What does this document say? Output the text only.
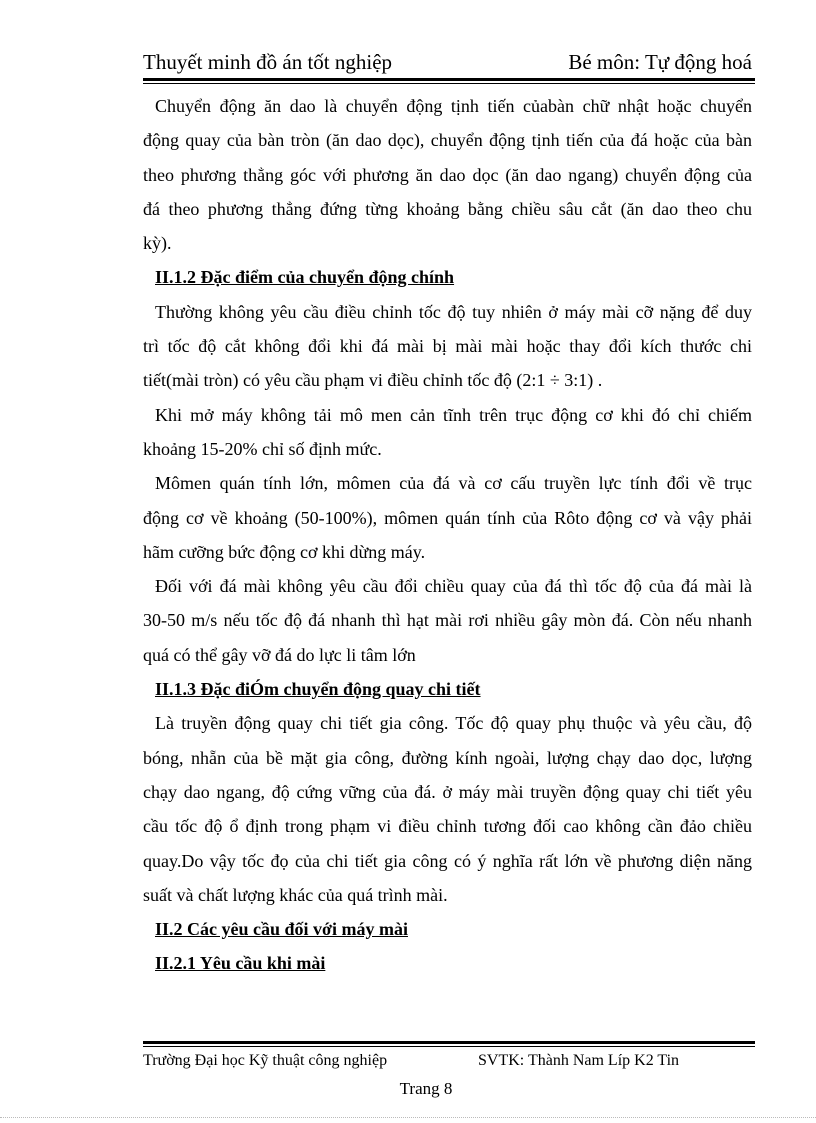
Thuyết minh đồ án tốt nghiệp	Bé môn: Tự động hoá
Chuyển động ăn dao là chuyển động tịnh tiến củabàn chữ nhật hoặc chuyển
động quay của bàn tròn (ăn dao dọc), chuyển động tịnh tiến của đá hoặc của bàn
theo phương thẳng góc với phương ăn dao dọc (ăn dao ngang) chuyển động của
đá theo phương thẳng đứng từng khoảng bằng chiều sâu cắt (ăn dao theo chu
kỳ).
II.1.2 Đặc điểm của chuyển động chính
Thường không yêu cầu điều chỉnh tốc độ tuy nhiên ở máy mài cỡ nặng để duy
trì tốc độ cắt không đổi khi đá mài bị mài mài hoặc thay đổi kích thước chi
tiết(mài tròn) có yêu cầu phạm vi điều chỉnh tốc độ (2:1 ÷ 3:1) .
Khi mở máy không tải mô men cản tĩnh trên trục động cơ khi đó chỉ chiếm
khoảng 15-20% chỉ số định mức.
Mômen quán tính lớn, mômen của đá và cơ cấu truyền lực tính đổi về trục
động cơ về khoảng (50-100%), mômen quán tính của Rôto động cơ và vậy phải
hãm cưỡng bức động cơ khi dừng máy.
Đối với đá mài không yêu cầu đổi chiều quay của đá thì tốc độ của đá mài là
30-50 m/s nếu tốc độ đá nhanh thì hạt mài rơi nhiều gây mòn đá. Còn nếu nhanh
quá có thể gây vỡ đá do lực li tâm lớn
II.1.3 Đặc điÓm chuyển động quay chi tiết
Là truyền động quay chi tiết gia công. Tốc độ quay phụ thuộc và yêu cầu, độ
bóng, nhẵn của bề mặt gia công, đường kính ngoài, lượng chạy dao dọc, lượng
chạy dao ngang, độ cứng vững của đá. ở máy mài truyền động quay chi tiết yêu
cầu tốc độ ổ định trong phạm vi điều chỉnh tương đối cao không cần đảo chiều
quay.Do vậy tốc đọ của chi tiết gia công có ý nghĩa rất lớn về phương diện năng
suất và chất lượng khác của quá trình mài.
II.2 Các yêu cầu đối với máy mài
II.2.1 Yêu cầu khi mài
Trường Đại học Kỹ thuật công nghiệp	SVTK: Thành Nam Líp K2 Tin
Trang 8
